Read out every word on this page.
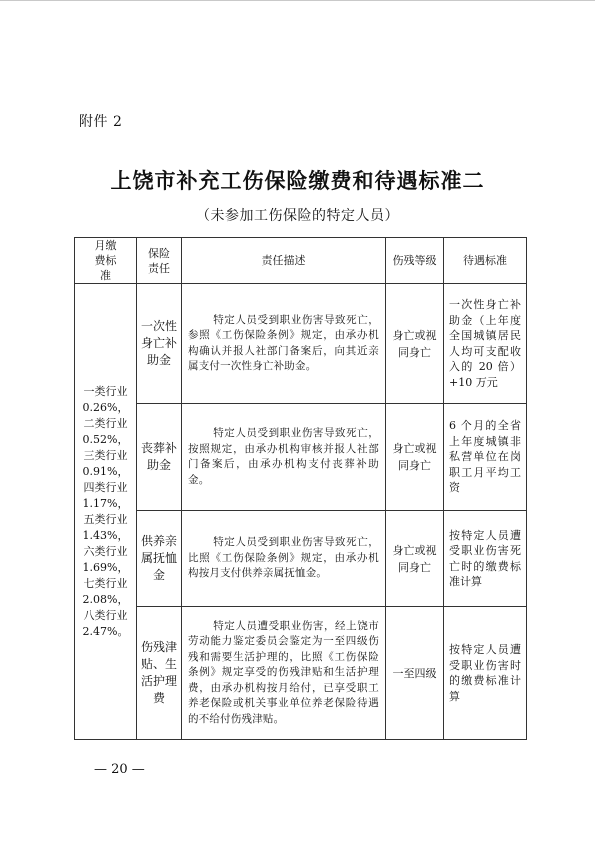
附件 2
上饶市补充工伤保险缴费和待遇标准二
（未参加工伤保险的特定人员）
月缴费标准	保险责任	责任描述	伤残等级	待遇标准

一类行业 0.26%，二类行业 0.52%，三类行业 0.91%，四类行业 1.17%，五类行业 1.43%，六类行业 1.69%，七类行业 2.08%，八类行业 2.47%。	一次性身亡补助金	特定人员受到职业伤害导致死亡，参照《工伤保险条例》规定，由承办机构确认并报人社部门备案后，向其近亲属支付一次性身亡补助金。	身亡或视同身亡	一次性身亡补助金（上年度全国城镇居民人均可支配收入的 20 倍）+10 万元

	丧葬补助金	特定人员受到职业伤害导致死亡，按照规定，由承办机构审核并报人社部门备案后，由承办机构支付丧葬补助金。	身亡或视同身亡	6 个月的全省上年度城镇非私营单位在岗职工月平均工资

	供养亲属抚恤金	特定人员受到职业伤害导致死亡，比照《工伤保险条例》规定，由承办机构按月支付供养亲属抚恤金。	身亡或视同身亡	按特定人员遭受职业伤害死亡时的缴费标准计算

	伤残津贴、生活护理费	特定人员遭受职业伤害，经上饶市劳动能力鉴定委员会鉴定为一至四级伤残和需要生活护理的，比照《工伤保险条例》规定享受的伤残津贴和生活护理费，由承办机构按月给付，已享受职工养老保险或机关事业单位养老保险待遇的不给付伤残津贴。	一至四级	按特定人员遭受职业伤害时的缴费标准计算
— 20 —
